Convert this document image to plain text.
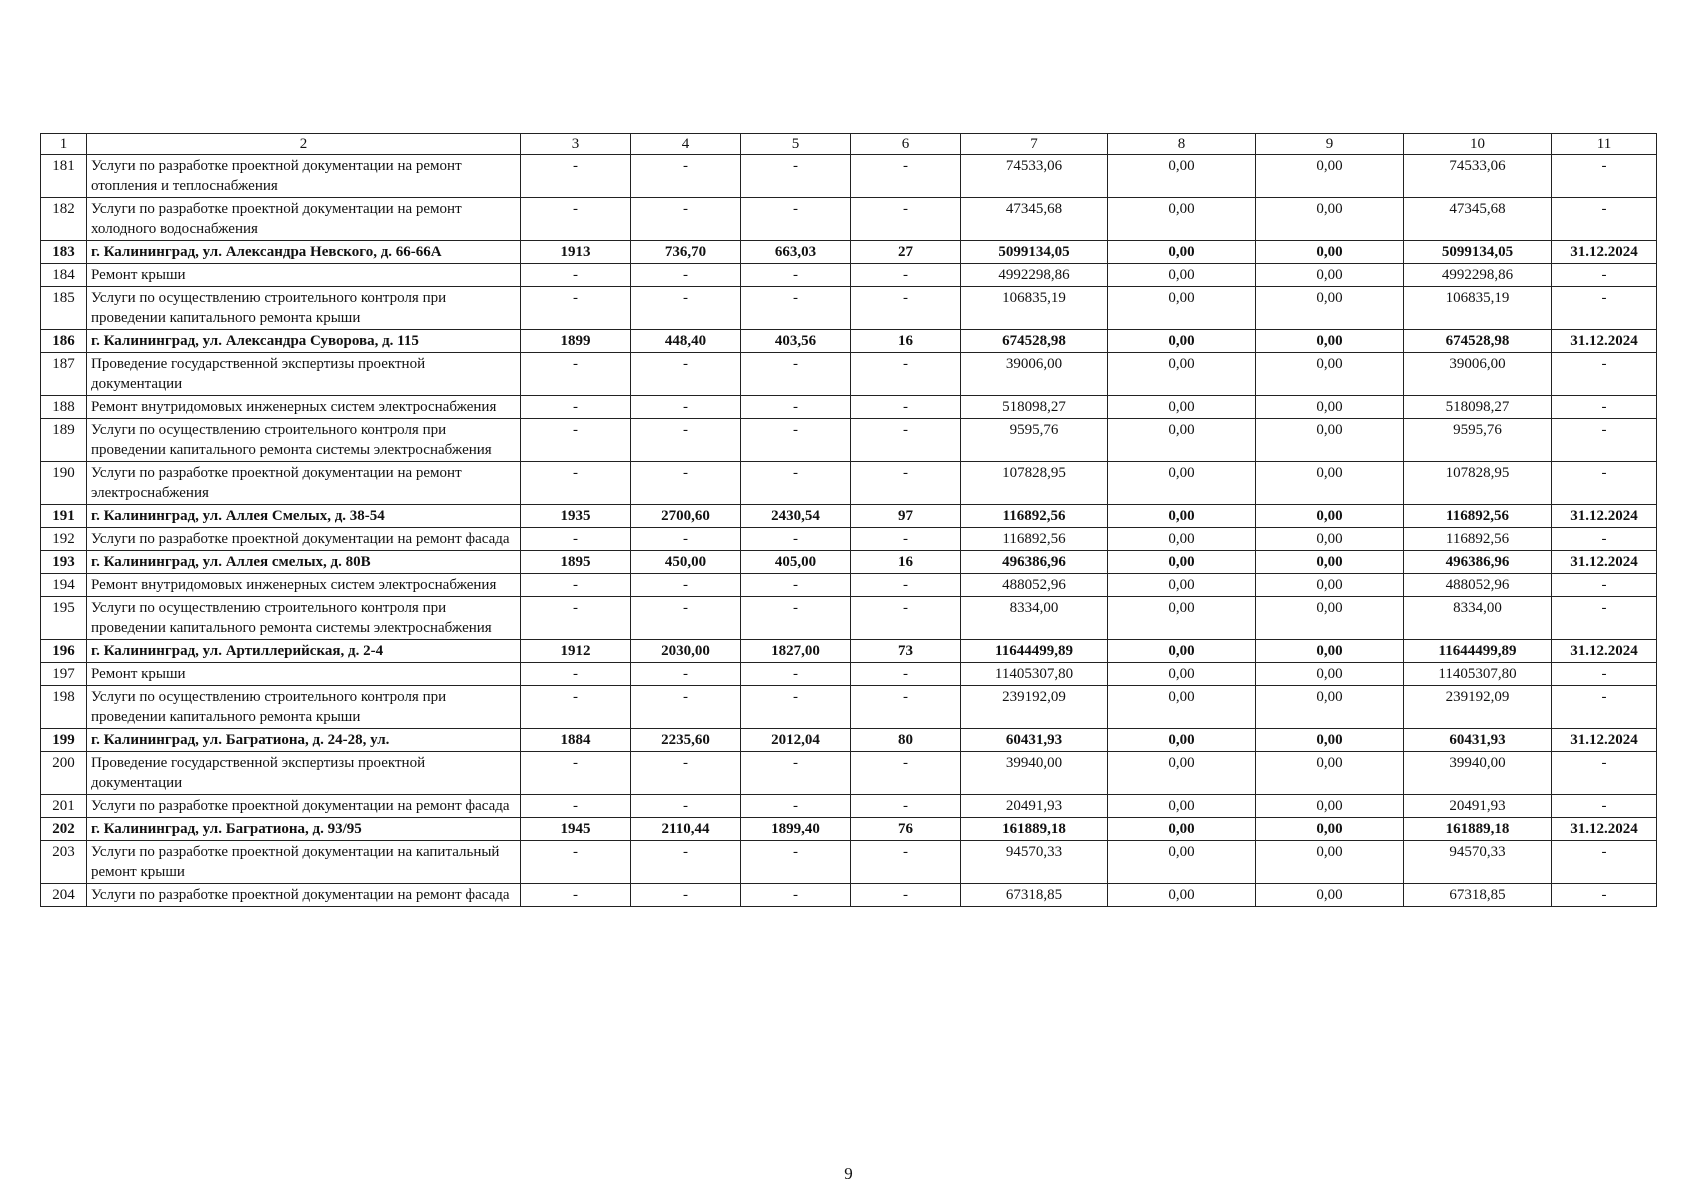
1	2	3	4	5	6	7	8	9	10	11
181	Услуги по разработке проектной документации на ремонт отопления и теплоснабжения	-	-	-	-	74533,06	0,00	0,00	74533,06	-
182	Услуги по разработке проектной документации на ремонт холодного водоснабжения	-	-	-	-	47345,68	0,00	0,00	47345,68	-
183	г. Калининград, ул. Александра Невского, д. 66-66А	1913	736,70	663,03	27	5099134,05	0,00	0,00	5099134,05	31.12.2024
184	Ремонт крыши	-	-	-	-	4992298,86	0,00	0,00	4992298,86	-
185	Услуги по осуществлению строительного контроля при проведении капитального ремонта крыши	-	-	-	-	106835,19	0,00	0,00	106835,19	-
186	г. Калининград, ул. Александра Суворова, д. 115	1899	448,40	403,56	16	674528,98	0,00	0,00	674528,98	31.12.2024
187	Проведение государственной экспертизы проектной документации	-	-	-	-	39006,00	0,00	0,00	39006,00	-
188	Ремонт внутридомовых инженерных систем электроснабжения	-	-	-	-	518098,27	0,00	0,00	518098,27	-
189	Услуги по осуществлению строительного контроля при проведении капитального ремонта системы электроснабжения	-	-	-	-	9595,76	0,00	0,00	9595,76	-
190	Услуги по разработке проектной документации на ремонт электроснабжения	-	-	-	-	107828,95	0,00	0,00	107828,95	-
191	г. Калининград, ул. Аллея Смелых, д. 38-54	1935	2700,60	2430,54	97	116892,56	0,00	0,00	116892,56	31.12.2024
192	Услуги по разработке проектной документации на ремонт фасада	-	-	-	-	116892,56	0,00	0,00	116892,56	-
193	г. Калининград, ул. Аллея смелых, д. 80В	1895	450,00	405,00	16	496386,96	0,00	0,00	496386,96	31.12.2024
194	Ремонт внутридомовых инженерных систем электроснабжения	-	-	-	-	488052,96	0,00	0,00	488052,96	-
195	Услуги по осуществлению строительного контроля при проведении капитального ремонта системы электроснабжения	-	-	-	-	8334,00	0,00	0,00	8334,00	-
196	г. Калининград, ул. Артиллерийская, д. 2-4	1912	2030,00	1827,00	73	11644499,89	0,00	0,00	11644499,89	31.12.2024
197	Ремонт крыши	-	-	-	-	11405307,80	0,00	0,00	11405307,80	-
198	Услуги по осуществлению строительного контроля при проведении капитального ремонта крыши	-	-	-	-	239192,09	0,00	0,00	239192,09	-
199	г. Калининград, ул. Багратиона, д. 24-28, ул.	1884	2235,60	2012,04	80	60431,93	0,00	0,00	60431,93	31.12.2024
200	Проведение государственной экспертизы проектной документации	-	-	-	-	39940,00	0,00	0,00	39940,00	-
201	Услуги по разработке проектной документации на ремонт фасада	-	-	-	-	20491,93	0,00	0,00	20491,93	-
202	г. Калининград, ул. Багратиона, д. 93/95	1945	2110,44	1899,40	76	161889,18	0,00	0,00	161889,18	31.12.2024
203	Услуги по разработке проектной документации на капитальный ремонт крыши	-	-	-	-	94570,33	0,00	0,00	94570,33	-
204	Услуги по разработке проектной документации на ремонт фасада	-	-	-	-	67318,85	0,00	0,00	67318,85	-
9
